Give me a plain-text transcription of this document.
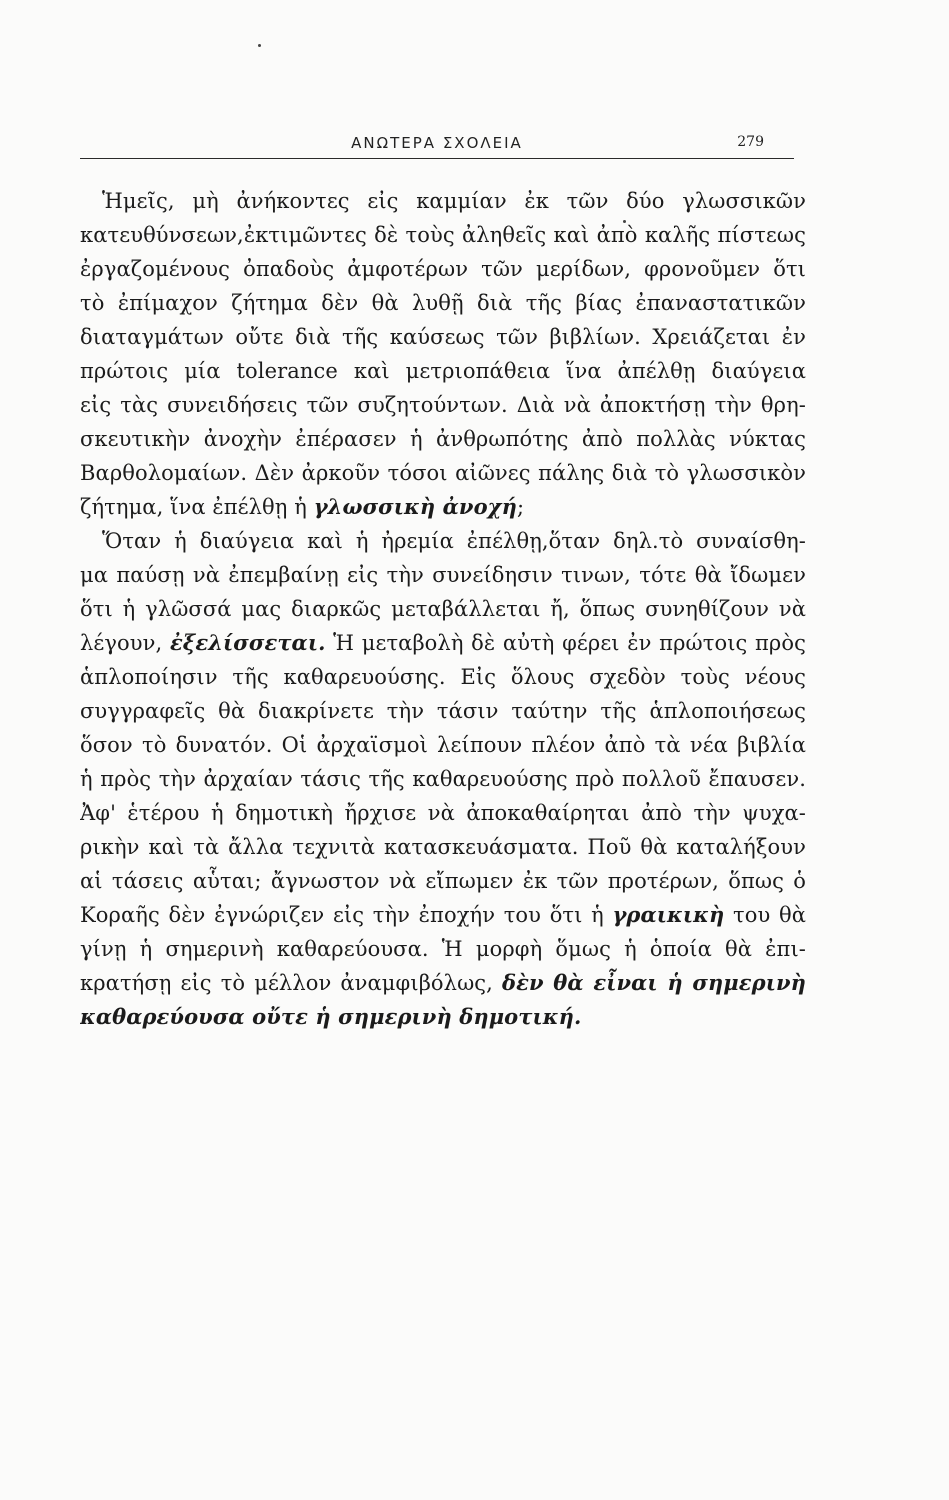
ΑΝΩΤΕΡΑ ΣΧΟΛΕΙΑ	279
Ἡμεῖς, μὴ ἀνήκοντες εἰς καμμίαν ἐκ τῶν δύο γλωσσικῶν
κατευθύνσεων,ἐκτιμῶντες δὲ τοὺς ἀληθεῖς καὶ ἀπὸ καλῆς πίστεως
ἐργαζομένους ὀπαδοὺς ἀμφοτέρων τῶν μερίδων, φρονοῦμεν ὅτι
τὸ ἐπίμαχον ζήτημα δὲν θὰ λυθῇ διὰ τῆς βίας ἐπαναστατικῶν
διαταγμάτων οὔτε διὰ τῆς καύσεως τῶν βιβλίων. Χρειάζεται ἐν
πρώτοις μία tolerance καὶ μετριοπάθεια ἵνα ἀπέλθῃ διαύγεια
εἰς τὰς συνειδήσεις τῶν συζητούντων. Διὰ νὰ ἀποκτήσῃ τὴν θρη-
σκευτικὴν ἀνοχὴν ἐπέρασεν ἡ ἀνθρωπότης ἀπὸ πολλὰς νύκτας
Βαρθολομαίων. Δὲν ἀρκοῦν τόσοι αἰῶνες πάλης διὰ τὸ γλωσσικὸν
ζήτημα, ἵνα ἐπέλθῃ ἡ γλωσσικὴ ἀνοχή;
Ὅταν ἡ διαύγεια καὶ ἡ ἠρεμία ἐπέλθῃ,ὅταν δηλ.τὸ συναίσθη-
μα παύσῃ νὰ ἐπεμβαίνῃ εἰς τὴν συνείδησιν τινων, τότε θὰ ἴδωμεν
ὅτι ἡ γλῶσσά μας διαρκῶς μεταβάλλεται ἤ, ὅπως συνηθίζουν νὰ
λέγουν, ἐξελίσσεται. Ἡ μεταβολὴ δὲ αὐτὴ φέρει ἐν πρώτοις πρὸς
ἁπλοποίησιν τῆς καθαρευούσης. Εἰς ὅλους σχεδὸν τοὺς νέους
συγγραφεῖς θὰ διακρίνετε τὴν τάσιν ταύτην τῆς ἁπλοποιήσεως
ὅσον τὸ δυνατόν. Οἱ ἀρχαϊσμοὶ λείπουν πλέον ἀπὸ τὰ νέα βιβλία
ἡ πρὸς τὴν ἀρχαίαν τάσις τῆς καθαρευούσης πρὸ πολλοῦ ἔπαυσεν.
Ἀφ' ἑτέρου ἡ δημοτικὴ ἤρχισε νὰ ἀποκαθαίρηται ἀπὸ τὴν ψυχα-
ρικὴν καὶ τὰ ἄλλα τεχνιτὰ κατασκευάσματα. Ποῦ θὰ καταλήξουν
αἱ τάσεις αὗται; ἄγνωστον νὰ εἴπωμεν ἐκ τῶν προτέρων, ὅπως ὁ
Κοραῆς δὲν ἐγνώριζεν εἰς τὴν ἐποχήν του ὅτι ἡ γραικικὴ του θὰ
γίνῃ ἡ σημερινὴ καθαρεύουσα. Ἡ μορφὴ ὅμως ἡ ὁποία θὰ ἐπι-
κρατήσῃ εἰς τὸ μέλλον ἀναμφιβόλως, δὲν θὰ εἶναι ἡ σημερινὴ
καθαρεύουσα οὔτε ἡ σημερινὴ δημοτική.
